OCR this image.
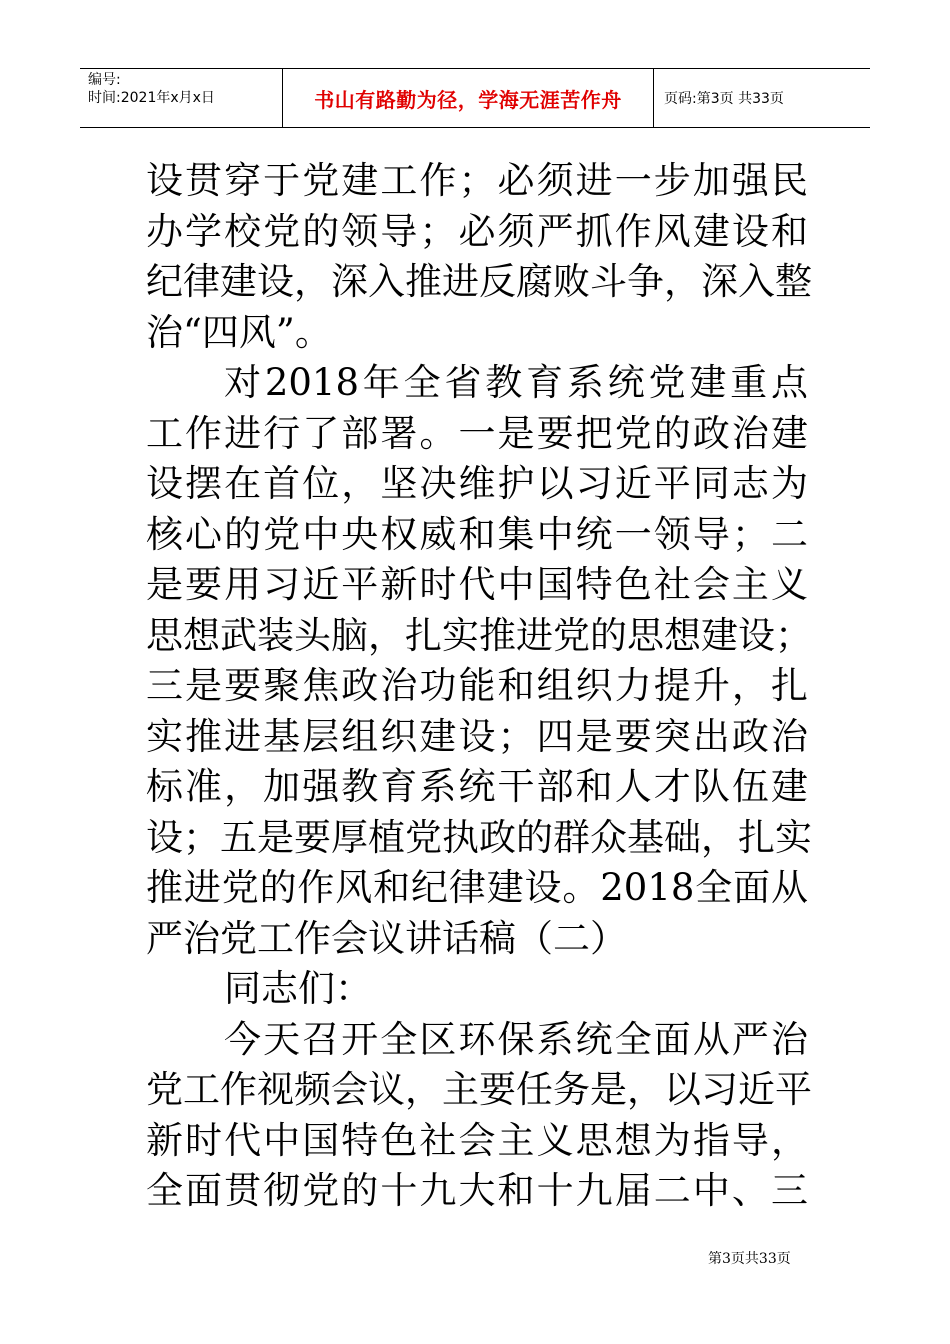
编号:
时间:2021年x月x日	书山有路勤为径，学海无涯苦作舟	页码:第3页 共33页
设贯穿于党建工作；必须进一步加强民
办学校党的领导；必须严抓作风建设和
纪律建设，深入推进反腐败斗争，深入整
治“四风”。
对2018年全省教育系统党建重点
工作进行了部署。一是要把党的政治建
设摆在首位，坚决维护以习近平同志为
核心的党中央权威和集中统一领导；二
是要用习近平新时代中国特色社会主义
思想武装头脑，扎实推进党的思想建设；
三是要聚焦政治功能和组织力提升，扎
实推进基层组织建设；四是要突出政治
标准，加强教育系统干部和人才队伍建
设；五是要厚植党执政的群众基础，扎实
推进党的作风和纪律建设。2018全面从
严治党工作会议讲话稿（二）
同志们：
今天召开全区环保系统全面从严治
党工作视频会议，主要任务是，以习近平
新时代中国特色社会主义思想为指导，
全面贯彻党的十九大和十九届二中、三
第3页共33页
